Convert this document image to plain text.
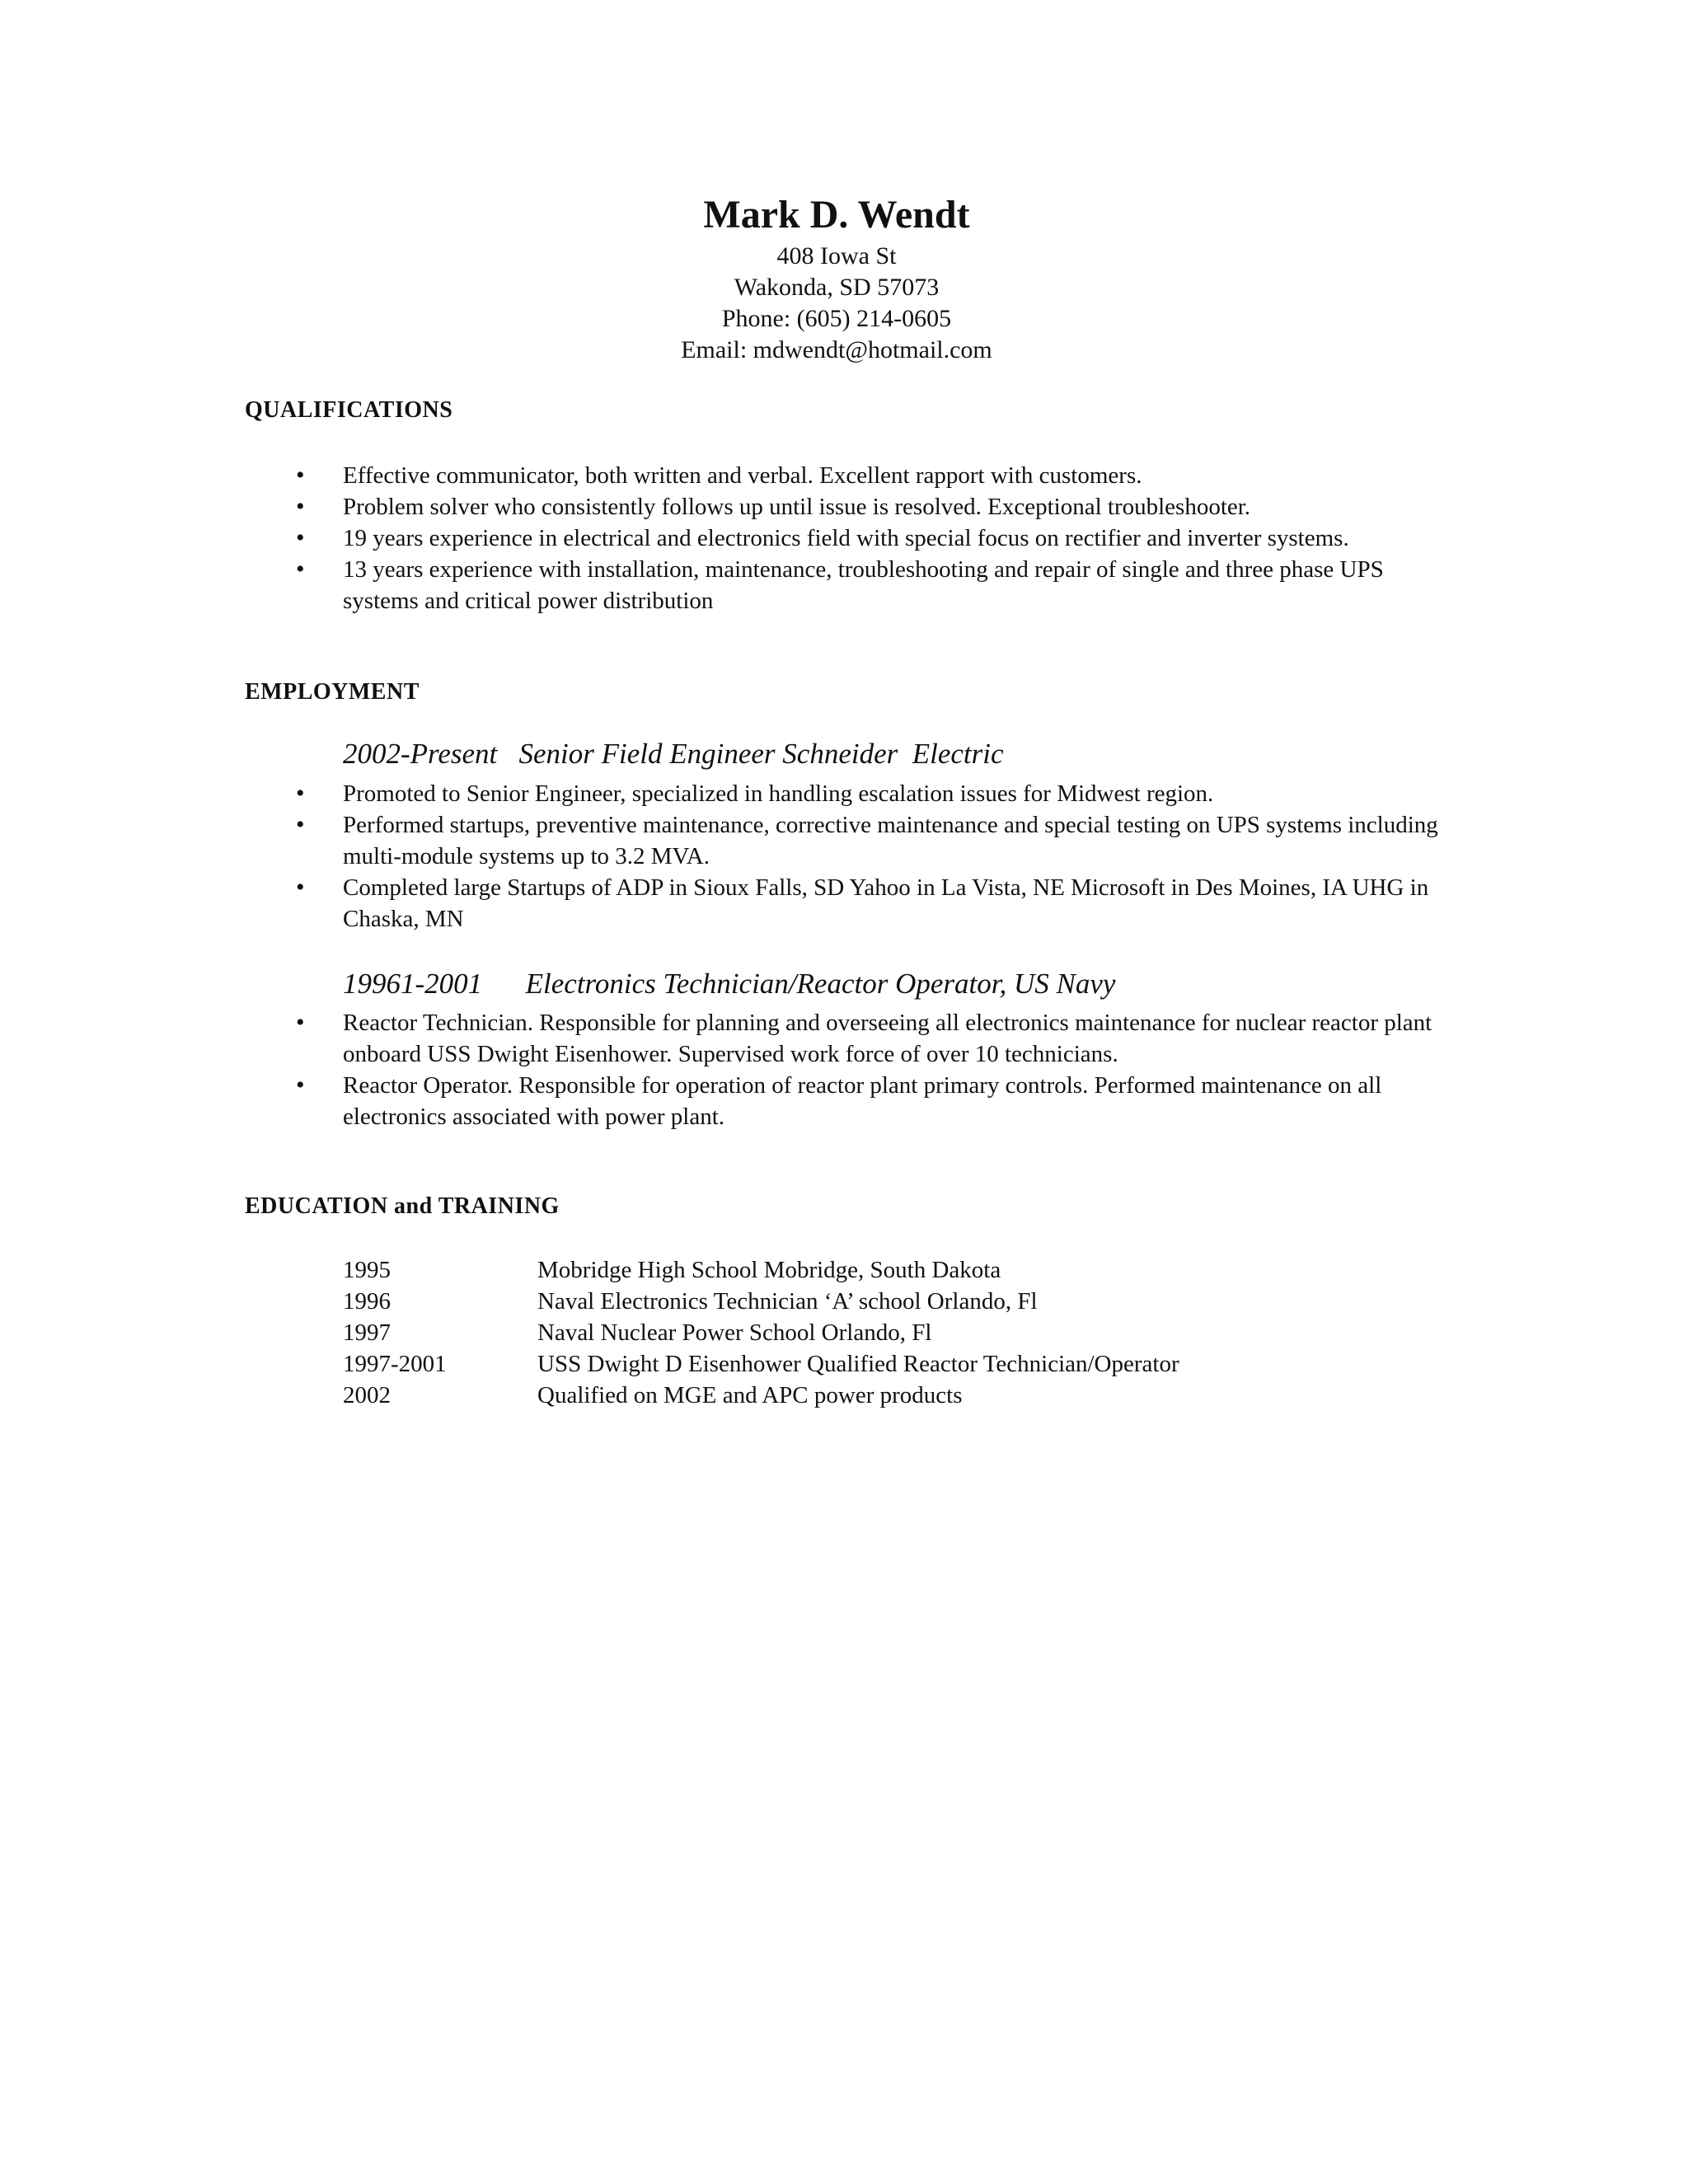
Mark D. Wendt
408 Iowa St
Wakonda, SD 57073
Phone: (605) 214-0605
Email: mdwendt@hotmail.com
QUALIFICATIONS
• Effective communicator, both written and verbal. Excellent rapport with customers.
• Problem solver who consistently follows up until issue is resolved. Exceptional troubleshooter.
• 19 years experience in electrical and electronics field with special focus on rectifier and inverter systems.
• 13 years experience with installation, maintenance, troubleshooting and repair of single and three phase UPS systems and critical power distribution
EMPLOYMENT
2002-Present   Senior Field Engineer Schneider  Electric
• Promoted to Senior Engineer, specialized in handling escalation issues for Midwest region.
• Performed startups, preventive maintenance, corrective maintenance and special testing on UPS systems including multi-module systems up to 3.2 MVA.
• Completed large Startups of ADP in Sioux Falls, SD Yahoo in La Vista, NE Microsoft in Des Moines, IA UHG in Chaska, MN
19961-2001      Electronics Technician/Reactor Operator, US Navy
• Reactor Technician. Responsible for planning and overseeing all electronics maintenance for nuclear reactor plant onboard USS Dwight Eisenhower. Supervised work force of over 10 technicians.
• Reactor Operator. Responsible for operation of reactor plant primary controls. Performed maintenance on all electronics associated with power plant.
EDUCATION and TRAINING
1995	Mobridge High School Mobridge, South Dakota
1996	Naval Electronics Technician ‘A’ school Orlando, Fl
1997	Naval Nuclear Power School Orlando, Fl
1997-2001	USS Dwight D Eisenhower Qualified Reactor Technician/Operator
2002	Qualified on MGE and APC power products
